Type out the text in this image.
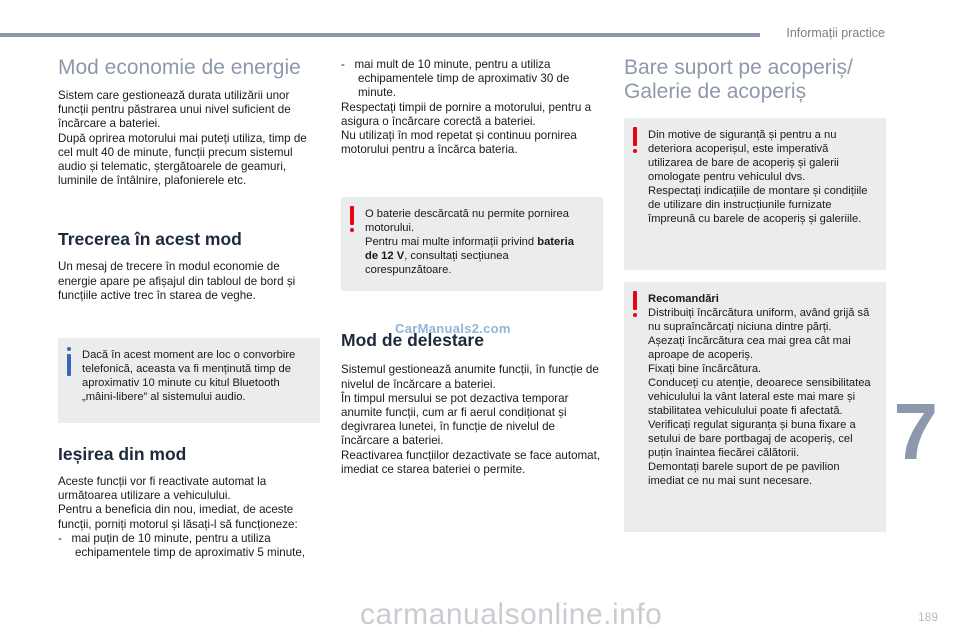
Informații practice
7
189
Mod economie de energie

Sistem care gestionează durata utilizării unor funcții pentru păstrarea unui nivel suficient de încărcare a bateriei.

După oprirea motorului mai puteți utiliza, timp de cel mult 40 de minute, funcții precum sistemul audio și telematic, ștergătoarele de geamuri, luminile de întâlnire, plafonierele etc.

Trecerea în acest mod

Un mesaj de trecere în modul economie de energie apare pe afișajul din tabloul de bord și funcțiile active trec în starea de veghe.

Dacă în acest moment are loc o convorbire telefonică, aceasta va fi menținută timp de aproximativ 10 minute cu kitul Bluetooth „mâini-libere” al sistemului audio.
Ieșirea din mod

Aceste funcții vor fi reactivate automat la următoarea utilizare a vehiculului.

Pentru a beneficia din nou, imediat, de aceste funcții, porniți motorul și lăsați-l să funcționeze:

-   mai puțin de 10 minute, pentru a utiliza echipamentele timp de aproximativ 5 minute,

-   mai mult de 10 minute, pentru a utiliza echipamentele timp de aproximativ 30 de minute.

Respectați timpii de pornire a motorului, pentru a asigura o încărcare corectă a bateriei.

Nu utilizați în mod repetat și continuu pornirea motorului pentru a încărca bateria.

O baterie descărcată nu permite pornirea motorului.
Pentru mai multe informații privind bateria de 12 V, consultați secțiunea corespunzătoare.
Mod de delestare

Sistemul gestionează anumite funcții, în funcție de nivelul de încărcare a bateriei.

În timpul mersului se pot dezactiva temporar anumite funcții, cum ar fi aerul condiționat și degivrarea lunetei, în funcție de nivelul de încărcare a bateriei.

Reactivarea funcțiilor dezactivate se face automat, imediat ce starea bateriei o permite.

Bare suport pe acoperiș/
Galerie de acoperiș
Din motive de siguranță și pentru a nu deteriora acoperișul, este imperativă utilizarea de bare de acoperiș și galerii omologate pentru vehiculul dvs.
Respectați indicațiile de montare și condițiile de utilizare din instrucțiunile furnizate împreună cu barele de acoperiș și galeriile.
Recomandări
Distribuiți încărcătura uniform, având grijă să nu supraîncărcați niciuna dintre părți.
Așezați încărcătura cea mai grea cât mai aproape de acoperiș.
Fixați bine încărcătura.
Conduceți cu atenție, deoarece sensibilitatea vehiculului la vânt lateral este mai mare și stabilitatea vehiculului poate fi afectată.
Verificați regulat siguranța și buna fixare a setului de bare portbagaj de acoperiș, cel puțin înaintea fiecărei călătorii.
Demontați barele suport de pe pavilion imediat ce nu mai sunt necesare.
CarManuals2.com
carmanualsonline.info
